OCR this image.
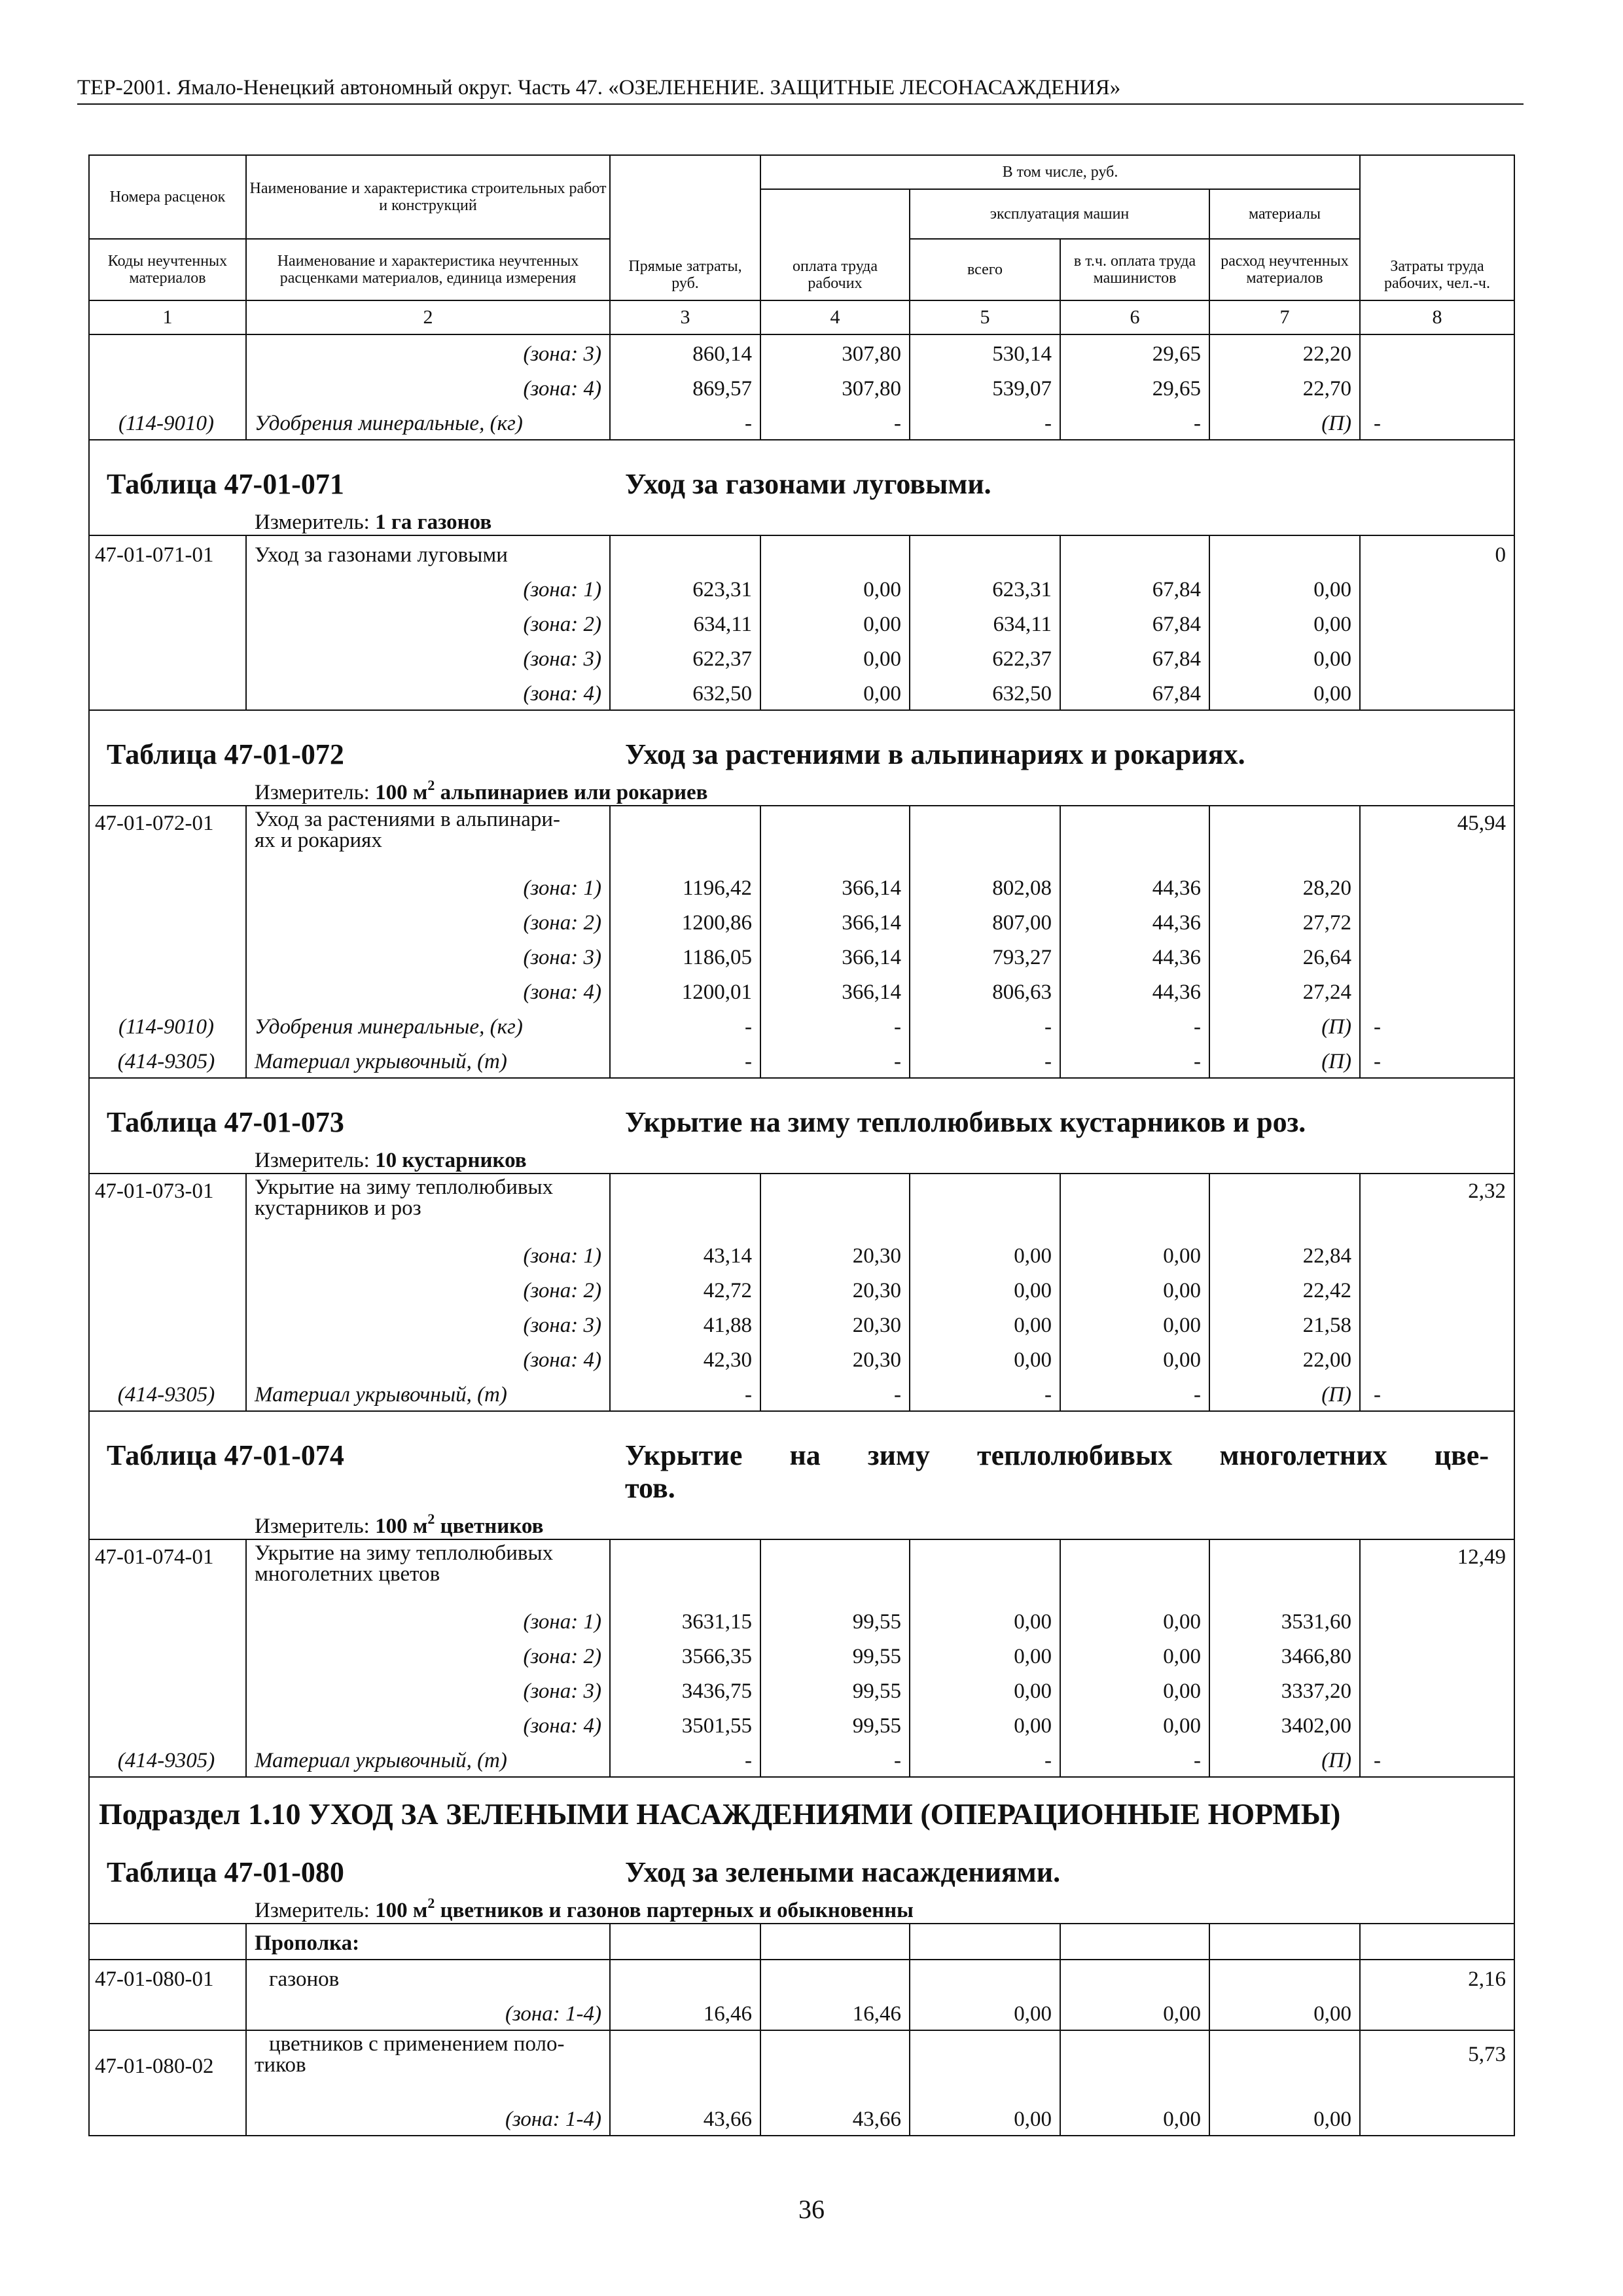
ТЕР-2001. Ямало-Ненецкий автономный округ. Часть 47. «ОЗЕЛЕНЕНИЕ. ЗАЩИТНЫЕ ЛЕСОНАСАЖДЕНИЯ»
Номера расценок	Наименование и характеристика строительных работ и конструкций	Прямые затраты, руб.	В том числе, руб.				Затраты труда рабочих, чел.-ч.
			оплата труда рабочих	эксплуатация машин		материалы	

Коды неучтенных материалов	Наименование и характеристика неучтенных расценками материалов, единица измерения			всего	в т.ч. оплата труда машинистов	расход неучтенных материалов	

1	2	3	4	5	6	7	8
	(зона: 3)	860,14	307,80	530,14	29,65	22,20	
	(зона: 4)	869,57	307,80	539,07	29,65	22,70	
(114-9010)	Удобрения минеральные, (кг)	-	-	-	-	(П)	-

Таблица 47-01-071 Уход за газонами луговыми.							

Измеритель: 1 га газонов							

47-01-071-01	Уход за газонами луговыми						0
	(зона: 1)	623,31	0,00	623,31	67,84	0,00	
	(зона: 2)	634,11	0,00	634,11	67,84	0,00	
	(зона: 3)	622,37	0,00	622,37	67,84	0,00	
	(зона: 4)	632,50	0,00	632,50	67,84	0,00	

Таблица 47-01-072 Уход за растениями в альпинариях и рокариях.							

Измеритель: 100 $м^2$ альпинариев или рокариев							

47-01-072-01	Уход за растениями в альпинари-
ях и рокариях						45,94
	(зона: 1)	1196,42	366,14	802,08	44,36	28,20	
	(зона: 2)	1200,86	366,14	807,00	44,36	27,72	
	(зона: 3)	1186,05	366,14	793,27	44,36	26,64	
	(зона: 4)	1200,01	366,14	806,63	44,36	27,24	
(114-9010)	Удобрения минеральные, (кг)	-	-	-	-	(П)	-
(414-9305)	Материал укрывочный, (т)	-	-	-	-	(П)	-

Таблица 47-01-073 Укрытие на зиму теплолюбивых кустарников и роз.							

Измеритель: 10 кустарников							

47-01-073-01	Укрытие на зиму теплолюбивых
кустарников и роз						2,32
	(зона: 1)	43,14	20,30	0,00	0,00	22,84	
	(зона: 2)	42,72	20,30	0,00	0,00	22,42	
	(зона: 3)	41,88	20,30	0,00	0,00	21,58	
	(зона: 4)	42,30	20,30	0,00	0,00	22,00	
(414-9305)	Материал укрывочный, (т)	-	-	-	-	(П)	-

Таблица 47-01-074 Укрытие на зиму теплолюбивых многолетних цве-
тов.							

Измеритель: 100 $м^2$ цветников							

47-01-074-01	Укрытие на зиму теплолюбивых
многолетних цветов						12,49
	(зона: 1)	3631,15	99,55	0,00	0,00	3531,60	
	(зона: 2)	3566,35	99,55	0,00	0,00	3466,80	
	(зона: 3)	3436,75	99,55	0,00	0,00	3337,20	
	(зона: 4)	3501,55	99,55	0,00	0,00	3402,00	
(414-9305)	Материал укрывочный, (т)	-	-	-	-	(П)	-

Подраздел 1.10 УХОД ЗА ЗЕЛЕНЫМИ НАСАЖДЕНИЯМИ (ОПЕРАЦИОННЫЕ НОРМЫ)							

Таблица 47-01-080 Уход за зелеными насаждениями.							

Измеритель: 100 $м^2$ цветников и газонов партерных и обыкновенны							

	Прополка:						

47-01-080-01	газонов						2,16
	(зона: 1-4)	16,46	16,46	0,00	0,00	0,00	

47-01-080-02	цветников с применением поло-
тиков						5,73
	(зона: 1-4)	43,66	43,66	0,00	0,00	0,00	
36
